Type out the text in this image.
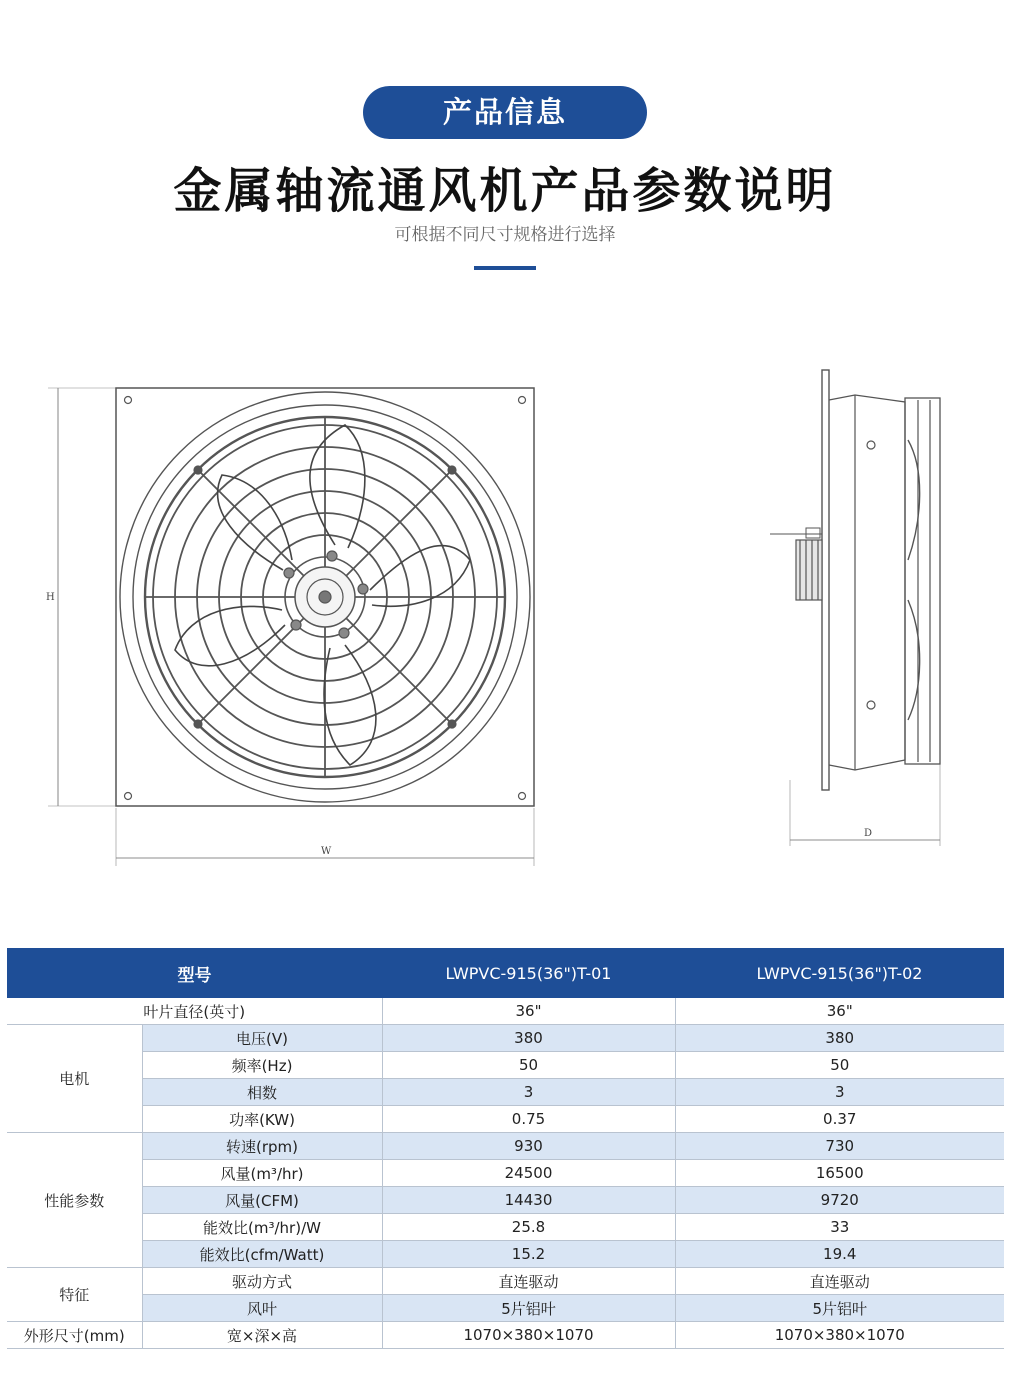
产品信息
金属轴流通风机产品参数说明
可根据不同尺寸规格进行选择
H
W
D
型号		LWPVC-915(36")T-01	LWPVC-915(36")T-02
叶片直径(英寸)		36"	36"
电机	电压(V)	380	380
	频率(Hz)	50	50
	相数	3	3
	功率(KW)	0.75	0.37
性能参数	转速(rpm)	930	730
	风量(m³/hr)	24500	16500
	风量(CFM)	14430	9720
	能效比(m³/hr)/W	25.8	33
	能效比(cfm/Watt)	15.2	19.4
特征	驱动方式	直连驱动	直连驱动
	风叶	5片铝叶	5片铝叶
外形尺寸(mm)	宽×深×高	1070×380×1070	1070×380×1070
